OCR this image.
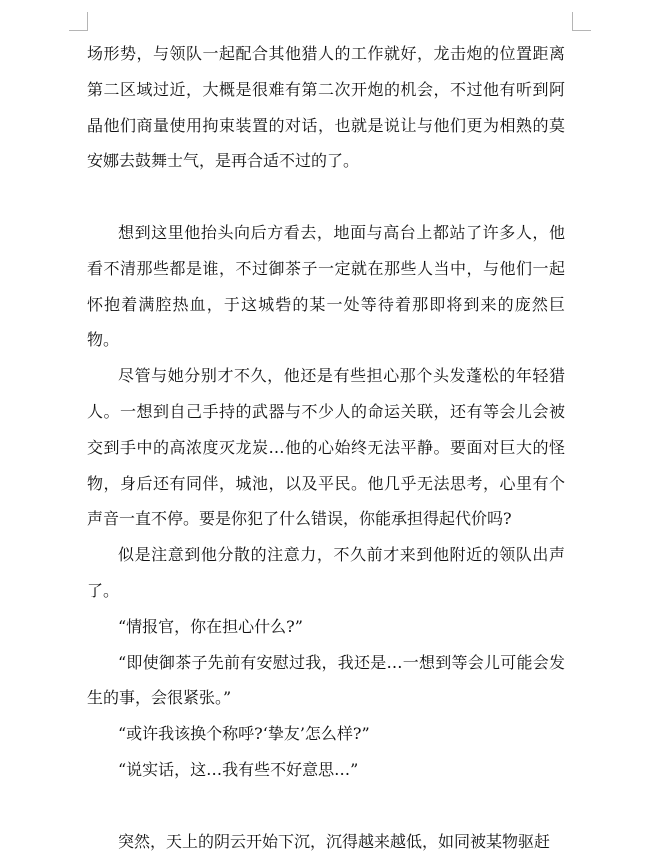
场形势，与领队一起配合其他猎人的工作就好，龙击炮的位置距离第二区域过近，大概是很难有第二次开炮的机会，不过他有听到阿晶他们商量使用拘束装置的对话，也就是说让与他们更为相熟的莫安娜去鼓舞士气，是再合适不过的了。

想到这里他抬头向后方看去，地面与高台上都站了许多人，他看不清那些都是谁，不过御茶子一定就在那些人当中，与他们一起怀抱着满腔热血，于这城砦的某一处等待着那即将到来的庞然巨物。

尽管与她分别才不久，他还是有些担心那个头发蓬松的年轻猎人。一想到自己手持的武器与不少人的命运关联，还有等会儿会被交到手中的高浓度灭龙炭…他的心始终无法平静。要面对巨大的怪物，身后还有同伴，城池，以及平民。他几乎无法思考，心里有个声音一直不停。要是你犯了什么错误，你能承担得起代价吗?

似是注意到他分散的注意力，不久前才来到他附近的领队出声了。

“情报官，你在担心什么?”

“即使御茶子先前有安慰过我，我还是…一想到等会儿可能会发生的事，会很紧张。”

“或许我该换个称呼?‘挚友’怎么样?”

“说实话，这…我有些不好意思…”

突然，天上的阴云开始下沉，沉得越来越低，如同被某物驱赶
